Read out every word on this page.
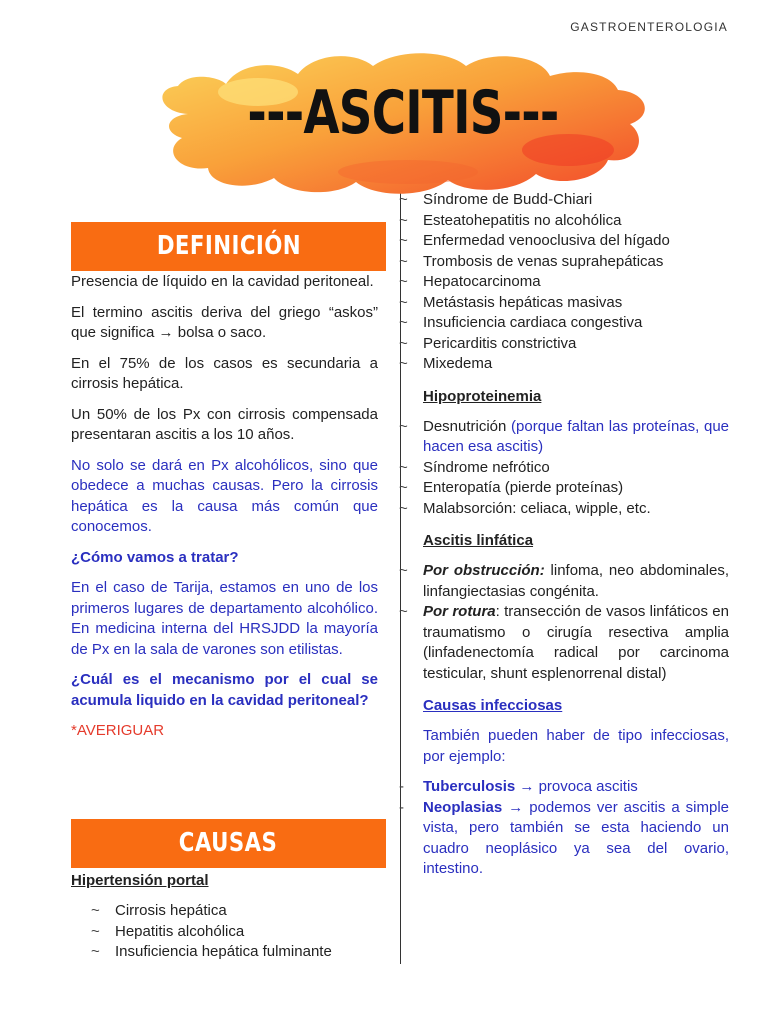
GASTROENTEROLOGIA
---ASCITIS---
DEFINICIÓN

Presencia de líquido en la cavidad peritoneal.

El termino ascitis deriva del griego “askos” que significa → bolsa o saco.

En el 75% de los casos es secundaria a cirrosis hepática.

Un 50% de los Px con cirrosis compensada presentaran ascitis a los 10 años.

No solo se dará en Px alcohólicos, sino que obedece a muchas causas. Pero la cirrosis hepática es la causa más común que conocemos.

¿Cómo vamos a tratar?

En el caso de Tarija, estamos en uno de los primeros lugares de departamento alcohólico. En medicina interna del HRSJDD la mayoría de Px en la sala de varones son etilistas.

¿Cuál es el mecanismo por el cual se acumula liquido en la cavidad peritoneal?

*AVERIGUAR

CAUSAS

Hipertensión portal

~ Cirrosis hepática
~ Hepatitis alcohólica
~ Insuficiencia hepática fulminante
~ Síndrome de Budd-Chiari
~ Esteatohepatitis no alcohólica
~ Enfermedad venooclusiva del hígado
~ Trombosis de venas suprahepáticas
~ Hepatocarcinoma
~ Metástasis hepáticas masivas
~ Insuficiencia cardiaca congestiva
~ Pericarditis constrictiva
~ Mixedema

Hipoproteinemia

~ Desnutrición (porque faltan las proteínas, que hacen esa ascitis)
~ Síndrome nefrótico
~ Enteropatía (pierde proteínas)
~ Malabsorción: celiaca, wipple, etc.

Ascitis linfática

~ Por obstrucción: linfoma, neo abdominales, linfangiectasias congénita.
~ Por rotura: transección de vasos linfáticos en traumatismo o cirugía resectiva amplia (linfadenectomía radical por carcinoma testicular, shunt esplenorrenal distal)

Causas infecciosas

También pueden haber de tipo infecciosas, por ejemplo:

- Tuberculosis → provoca ascitis
- Neoplasias → podemos ver ascitis a simple vista, pero también se esta haciendo un cuadro neoplásico ya sea del ovario, intestino.
